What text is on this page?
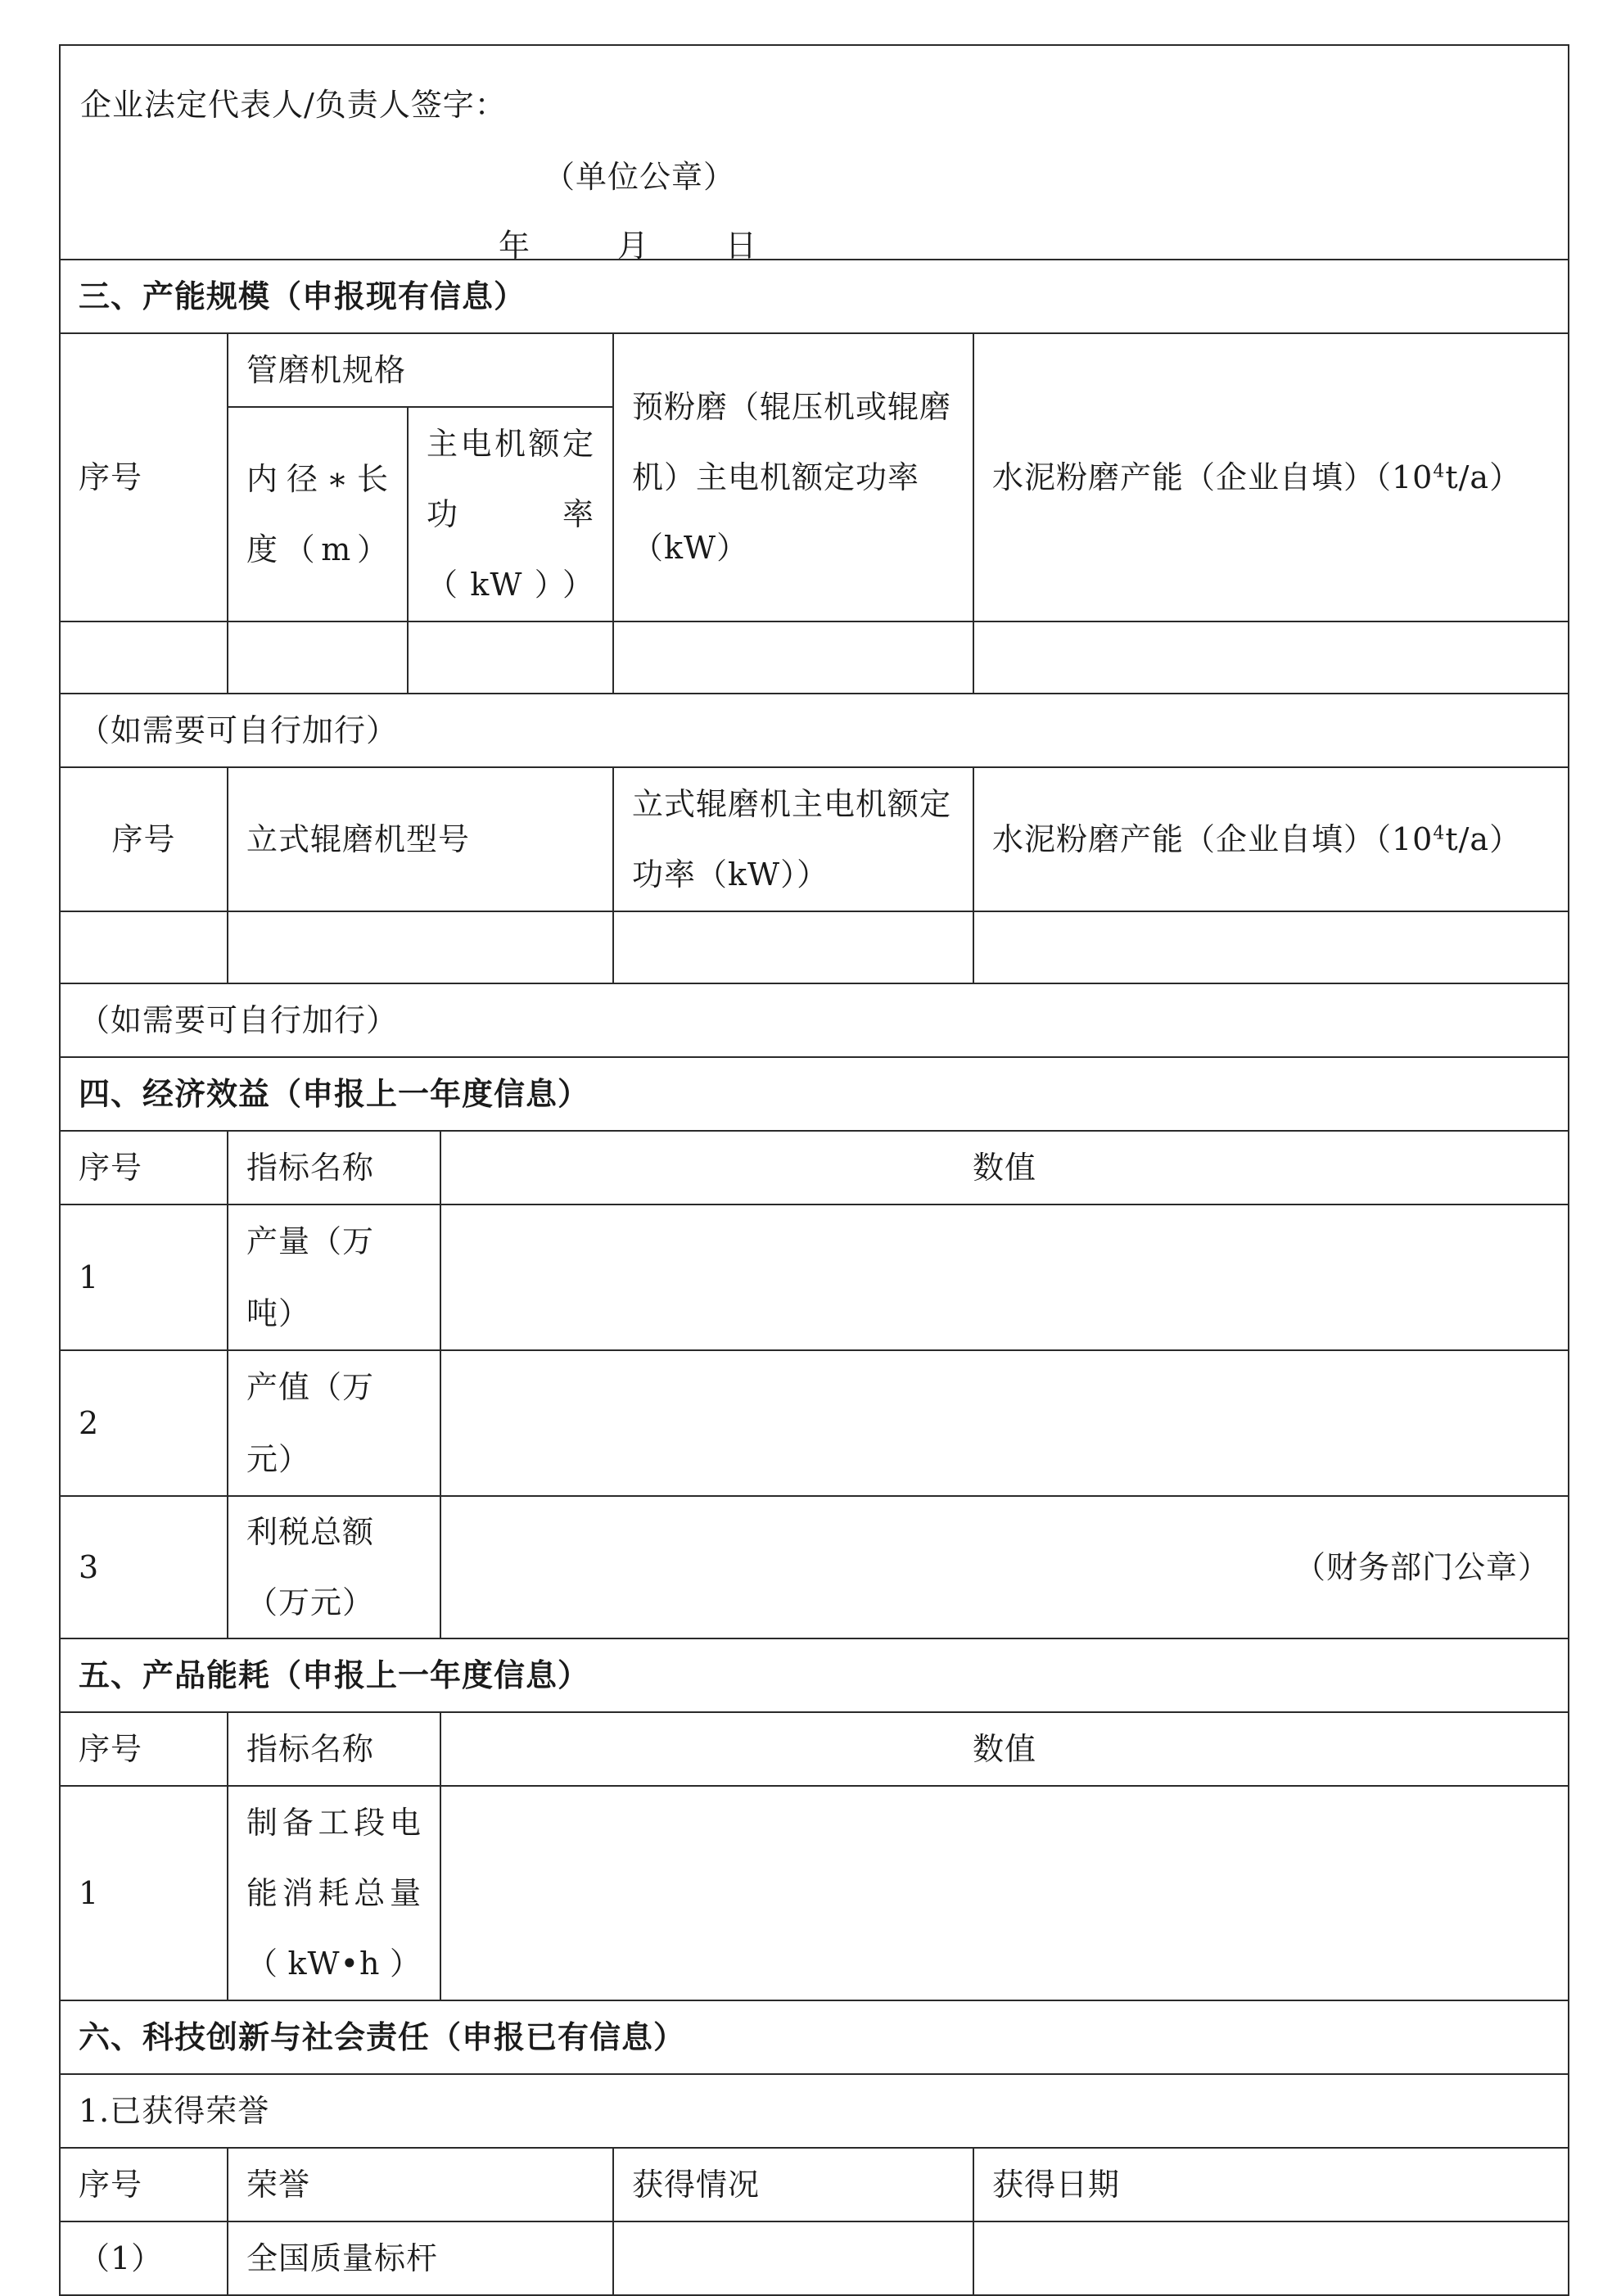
企业法定代表人/负责人签字：
（单位公章）
年 月 日					

三、产能规模（申报现有信息）					
序号	管磨机规格			预粉磨（辊压机或辊磨机）主电机额定功率（kW）	水泥粉磨产能（企业自填）$(10^4t/a)$
	内径∗长度（m）	主电机额定功率（kW））			

（如需要可自行加行）					
序号	立式辊磨机型号			立式辊磨机主电机额定功率（kW））	水泥粉磨产能（企业自填）$(10^4t/a)$

（如需要可自行加行）					
四、经济效益（申报上一年度信息）					
序号	指标名称		数值		
1	产量（万吨）				
2	产值（万元）				
3	利税总额（万元）		（财务部门公章）		

五、产品能耗（申报上一年度信息）					
序号	指标名称		数值		
1	制备工段电能消耗总量（kW•h）				
六、科技创新与社会责任（申报已有信息）					
1.已获得荣誉					
序号	荣誉			获得情况	获得日期
（1）	全国质量标杆				
